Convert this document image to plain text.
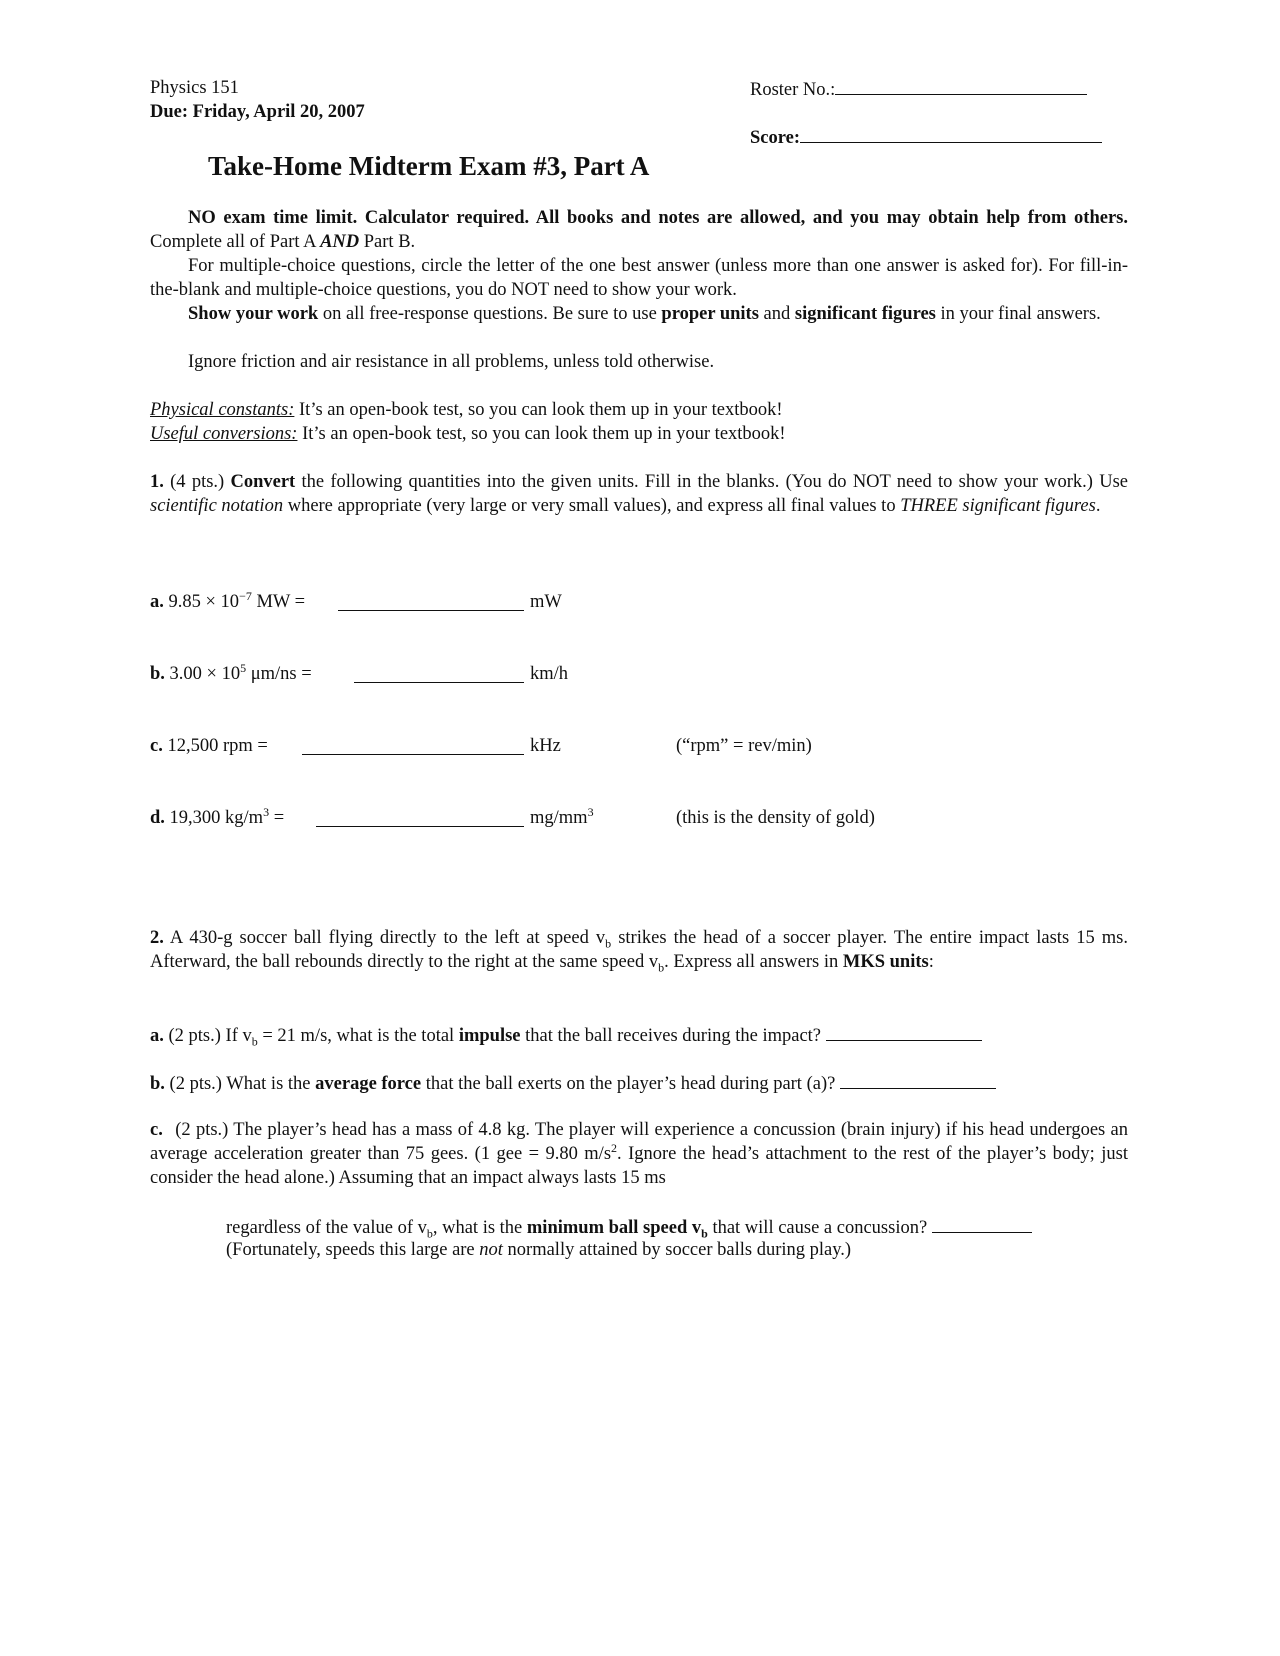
Physics 151
Due: Friday, April 20, 2007
Roster No.:
Score:
Take-Home Midterm Exam #3, Part A
NO exam time limit. Calculator required. All books and notes are allowed, and you may obtain help from others. Complete all of Part A AND Part B.
For multiple-choice questions, circle the letter of the one best answer (unless more than one answer is asked for). For fill-in-the-blank and multiple-choice questions, you do NOT need to show your work.
Show your work on all free-response questions. Be sure to use proper units and significant figures in your final answers.
Ignore friction and air resistance in all problems, unless told otherwise.
Physical constants: It’s an open-book test, so you can look them up in your textbook!
Useful conversions: It’s an open-book test, so you can look them up in your textbook!
1. (4 pts.) Convert the following quantities into the given units. Fill in the blanks. (You do NOT need to show your work.) Use scientific notation where appropriate (very large or very small values), and express all final values to THREE significant figures.
a. $9.85 \times 10^{-7}$ MW =	mW
b. $3.00 \times 10^5$ μm/ns =	km/h
c. 12,500 rpm =	kHz	(“rpm” = rev/min)
d. 19,300 $kg/m^3$ =	$mg/mm^3$	(this is the density of gold)
2. A 430-g soccer ball flying directly to the left at speed $v_b$ strikes the head of a soccer player. The entire impact lasts 15 ms. Afterward, the ball rebounds directly to the right at the same speed $v_b$. Express all answers in MKS units:
a. (2 pts.) If $v_b = 21$ m/s, what is the total impulse that the ball receives during the impact?
b. (2 pts.) What is the average force that the ball exerts on the player’s head during part (a)?
c. (2 pts.) The player’s head has a mass of 4.8 kg. The player will experience a concussion (brain injury) if his head undergoes an average acceleration greater than 75 gees. (1 gee = 9.80 $m/s^2$. Ignore the head’s attachment to the rest of the player’s body; just consider the head alone.) Assuming that an impact always lasts 15 ms
regardless of the value of $v_b$, what is the minimum ball speed $v_b$ that will cause a concussion?
(Fortunately, speeds this large are not normally attained by soccer balls during play.)
